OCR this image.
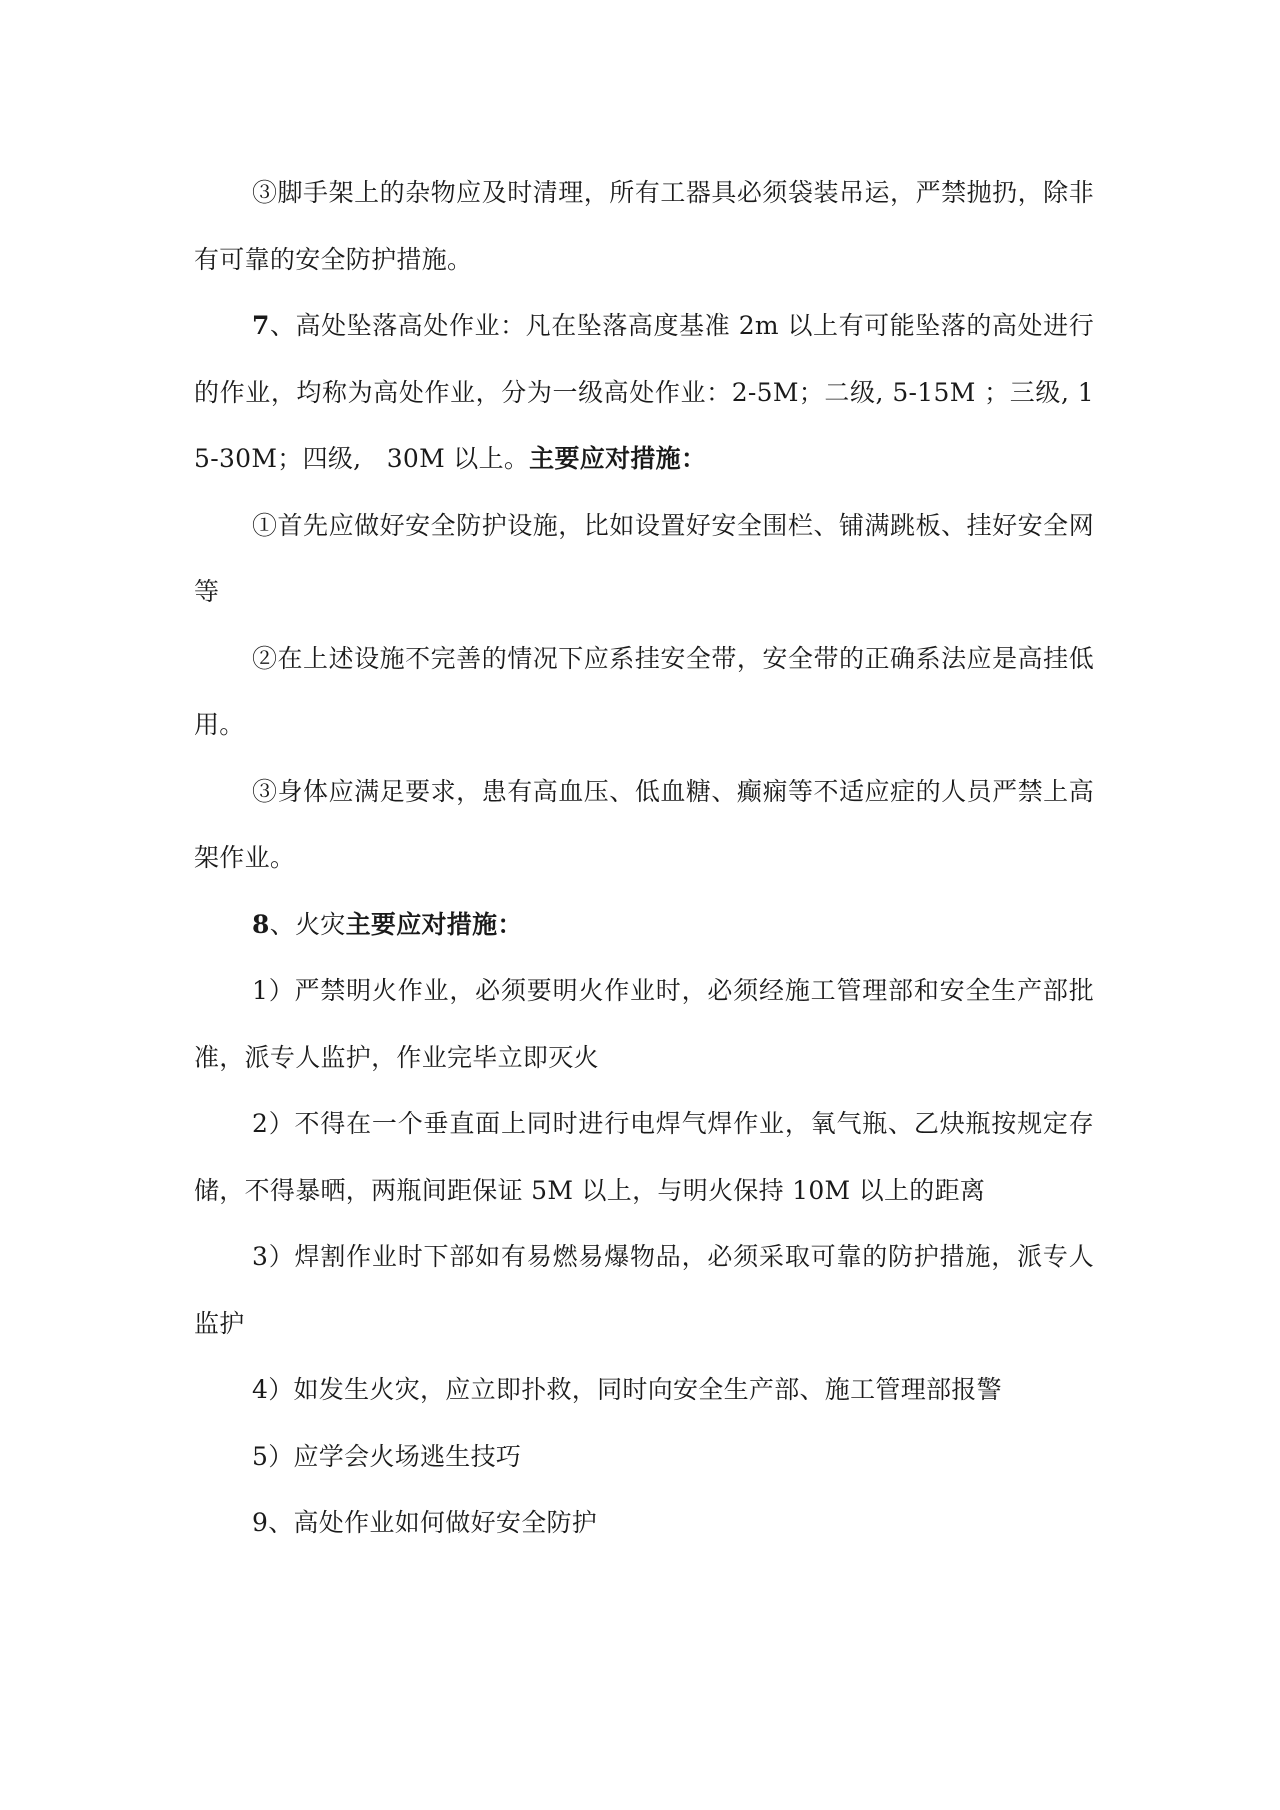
③脚手架上的杂物应及时清理，所有工器具必须袋装吊运，严禁抛扔，除非有可靠的安全防护措施。

7、高处坠落高处作业：凡在坠落高度基准 2m 以上有可能坠落的高处进行的作业，均称为高处作业，分为一级高处作业：2-5M；二级, 5-15M ；三级, 15-30M；四级,　30M 以上。主要应对措施：

①首先应做好安全防护设施，比如设置好安全围栏、铺满跳板、挂好安全网等

②在上述设施不完善的情况下应系挂安全带，安全带的正确系法应是高挂低用。

③身体应满足要求，患有高血压、低血糖、癫痫等不适应症的人员严禁上高架作业。

8、火灾主要应对措施：

1）严禁明火作业，必须要明火作业时，必须经施工管理部和安全生产部批准，派专人监护，作业完毕立即灭火

2）不得在一个垂直面上同时进行电焊气焊作业，氧气瓶、乙炔瓶按规定存储，不得暴晒，两瓶间距保证 5M 以上，与明火保持 10M 以上的距离

3）焊割作业时下部如有易燃易爆物品，必须采取可靠的防护措施，派专人监护

4）如发生火灾，应立即扑救，同时向安全生产部、施工管理部报警

5）应学会火场逃生技巧

9、高处作业如何做好安全防护
